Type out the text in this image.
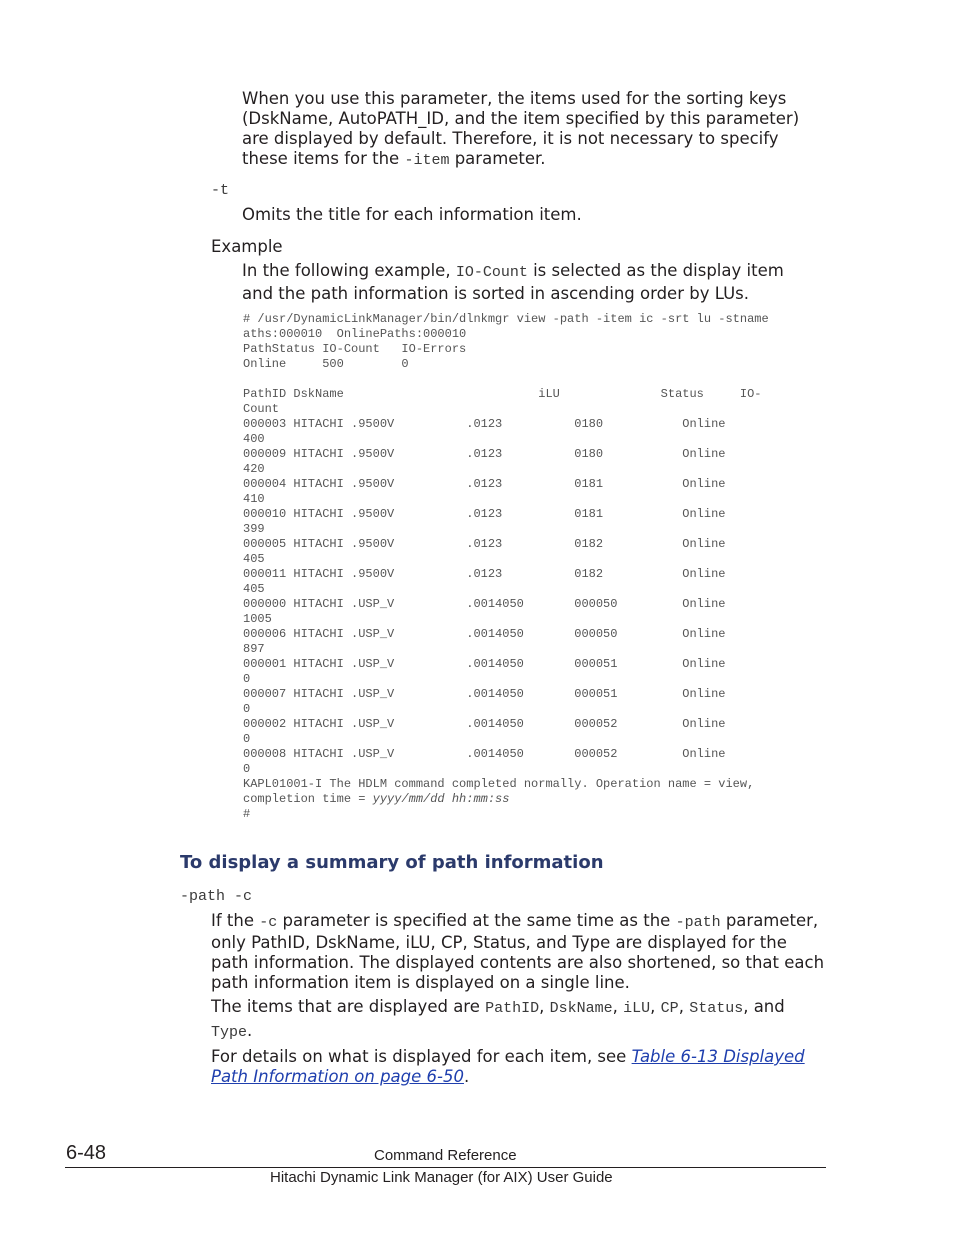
When you use this parameter, the items used for the sorting keys

(DskName, AutoPATH_ID, and the item specified by this parameter)

are displayed by default. Therefore, it is not necessary to specify

these items for the -item parameter.

-t

Omits the title for each information item.

Example

In the following example, IO-Count is selected as the display item

and the path information is sorted in ascending order by LUs.

# /usr/DynamicLinkManager/bin/dlnkmgr view -path -item ic -srt lu -stname
aths:000010  OnlinePaths:000010
PathStatus IO-Count   IO-Errors
Online     500        0

PathID DskName                           iLU              Status     IO-
Count
000003 HITACHI .9500V          .0123          0180           Online
400
000009 HITACHI .9500V          .0123          0180           Online
420
000004 HITACHI .9500V          .0123          0181           Online
410
000010 HITACHI .9500V          .0123          0181           Online
399
000005 HITACHI .9500V          .0123          0182           Online
405
000011 HITACHI .9500V          .0123          0182           Online
405
000000 HITACHI .USP_V          .0014050       000050         Online
1005
000006 HITACHI .USP_V          .0014050       000050         Online
897
000001 HITACHI .USP_V          .0014050       000051         Online
0
000007 HITACHI .USP_V          .0014050       000051         Online
0
000002 HITACHI .USP_V          .0014050       000052         Online
0
000008 HITACHI .USP_V          .0014050       000052         Online
0
KAPL01001-I The HDLM command completed normally. Operation name = view,

completion time = yyyy/mm/dd hh:mm:ss
#
To display a summary of path information
-path -c

If the -c parameter is specified at the same time as the -path parameter,

only PathID, DskName, iLU, CP, Status, and Type are displayed for the

path information. The displayed contents are also shortened, so that each

path information item is displayed on a single line.

The items that are displayed are PathID, DskName, iLU, CP, Status, and

Type.

For details on what is displayed for each item, see Table 6-13 Displayed

Path Information on page 6-50.

6-48	Command Reference
Hitachi Dynamic Link Manager (for AIX) User Guide
